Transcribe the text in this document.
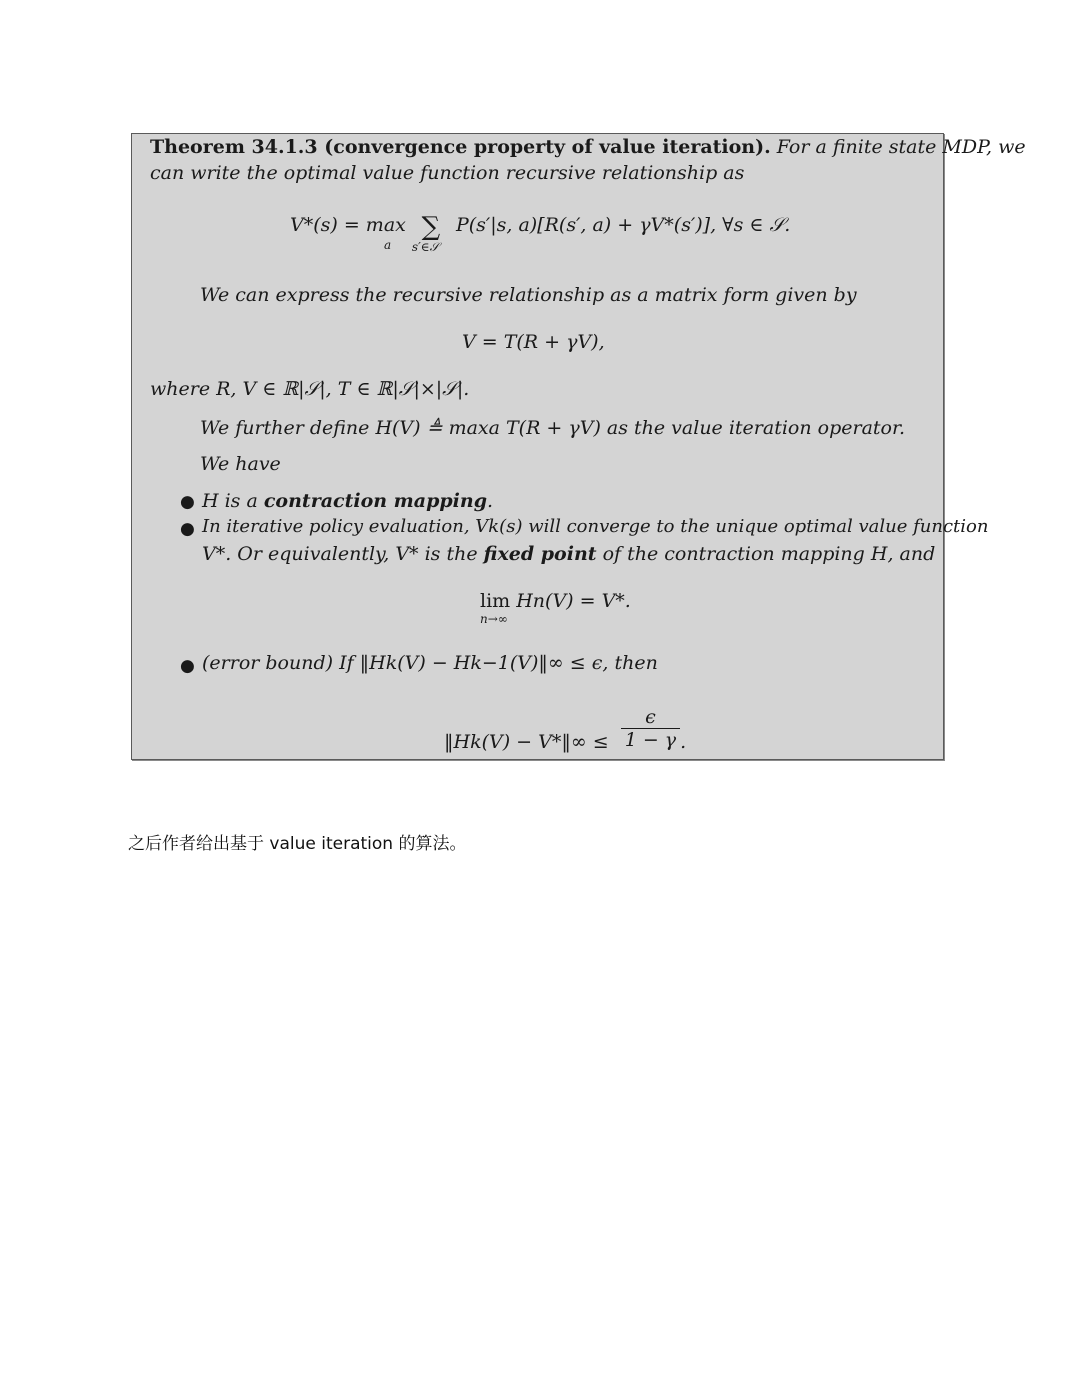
Theorem 34.1.3 (convergence property of value iteration). For a finite state MDP, we
can write the optimal value function recursive relationship as
V*(s) = max
a
∑
s′∈𝒮
P(s′|s, a)[R(s′, a) + γV*(s′)], ∀s ∈ 𝒮.
We can express the recursive relationship as a matrix form given by
V = T(R + γV),
where R, V ∈ ℝ|𝒮|, T ∈ ℝ|𝒮|×|𝒮|.
We further define H(V) ≜ maxa T(R + γV) as the value iteration operator.
We have
● H is a contraction mapping.
● In iterative policy evaluation, Vk(s) will converge to the unique optimal value function
V*. Or equivalently, V* is the fixed point of the contraction mapping H, and
lim
n→∞
Hn(V) = V*.
● (error bound) If ‖Hk(V) − Hk−1(V)‖∞ ≤ ϵ, then
‖Hk(V) − V*‖∞ ≤ $\frac{\epsilon}{1 - \gamma}$ .
之后作者给出基于 value iteration 的算法。
